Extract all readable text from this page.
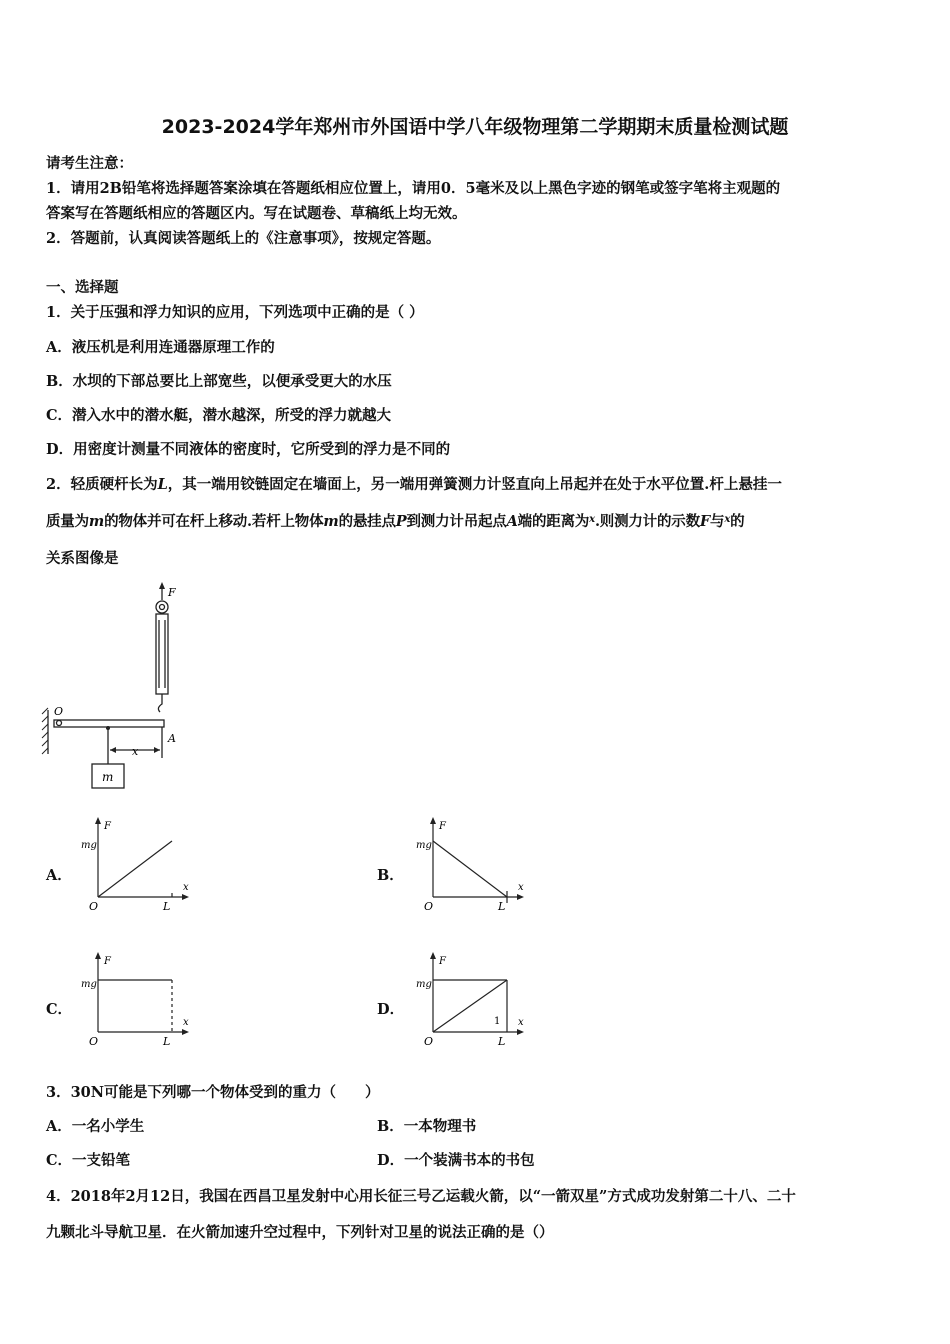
2023-2024学年郑州市外国语中学八年级物理第二学期期末质量检测试题
请考生注意：
1．请用2B铅笔将选择题答案涂填在答题纸相应位置上，请用0．5毫米及以上黑色字迹的钢笔或签字笔将主观题的
答案写在答题纸相应的答题区内。写在试题卷、草稿纸上均无效。
2．答题前，认真阅读答题纸上的《注意事项》，按规定答题。
一、选择题
1．关于压强和浮力知识的应用，下列选项中正确的是（ ）
A．液压机是利用连通器原理工作的
B．水坝的下部总要比上部宽些，以便承受更大的水压
C．潜入水中的潜水艇，潜水越深，所受的浮力就越大
D．用密度计测量不同液体的密度时，它所受到的浮力是不同的
2．轻质硬杆长为L，其一端用铰链固定在墙面上，另一端用弹簧测力计竖直向上吊起并在处于水平位置.杆上悬挂一
质量为m的物体并可在杆上移动.若杆上物体m的悬挂点P到测力计吊起点A端的距离为$^x$.则测力计的示数F与$^x$的
关系图像是
F
O
A
x
m
A．
F
mg
O	L
x
B．
F
mg
O	L
x
C．
F
mg
O	L
x
D．
F
mg
O	L
1 x
3．30N可能是下列哪一个物体受到的重力（　　）
A．一名小学生	B．一本物理书
C．一支铅笔	D．一个装满书本的书包
4．2018年2月12日，我国在西昌卫星发射中心用长征三号乙运载火箭，以“一箭双星”方式成功发射第二十八、二十
九颗北斗导航卫星．在火箭加速升空过程中，下列针对卫星的说法正确的是（）
